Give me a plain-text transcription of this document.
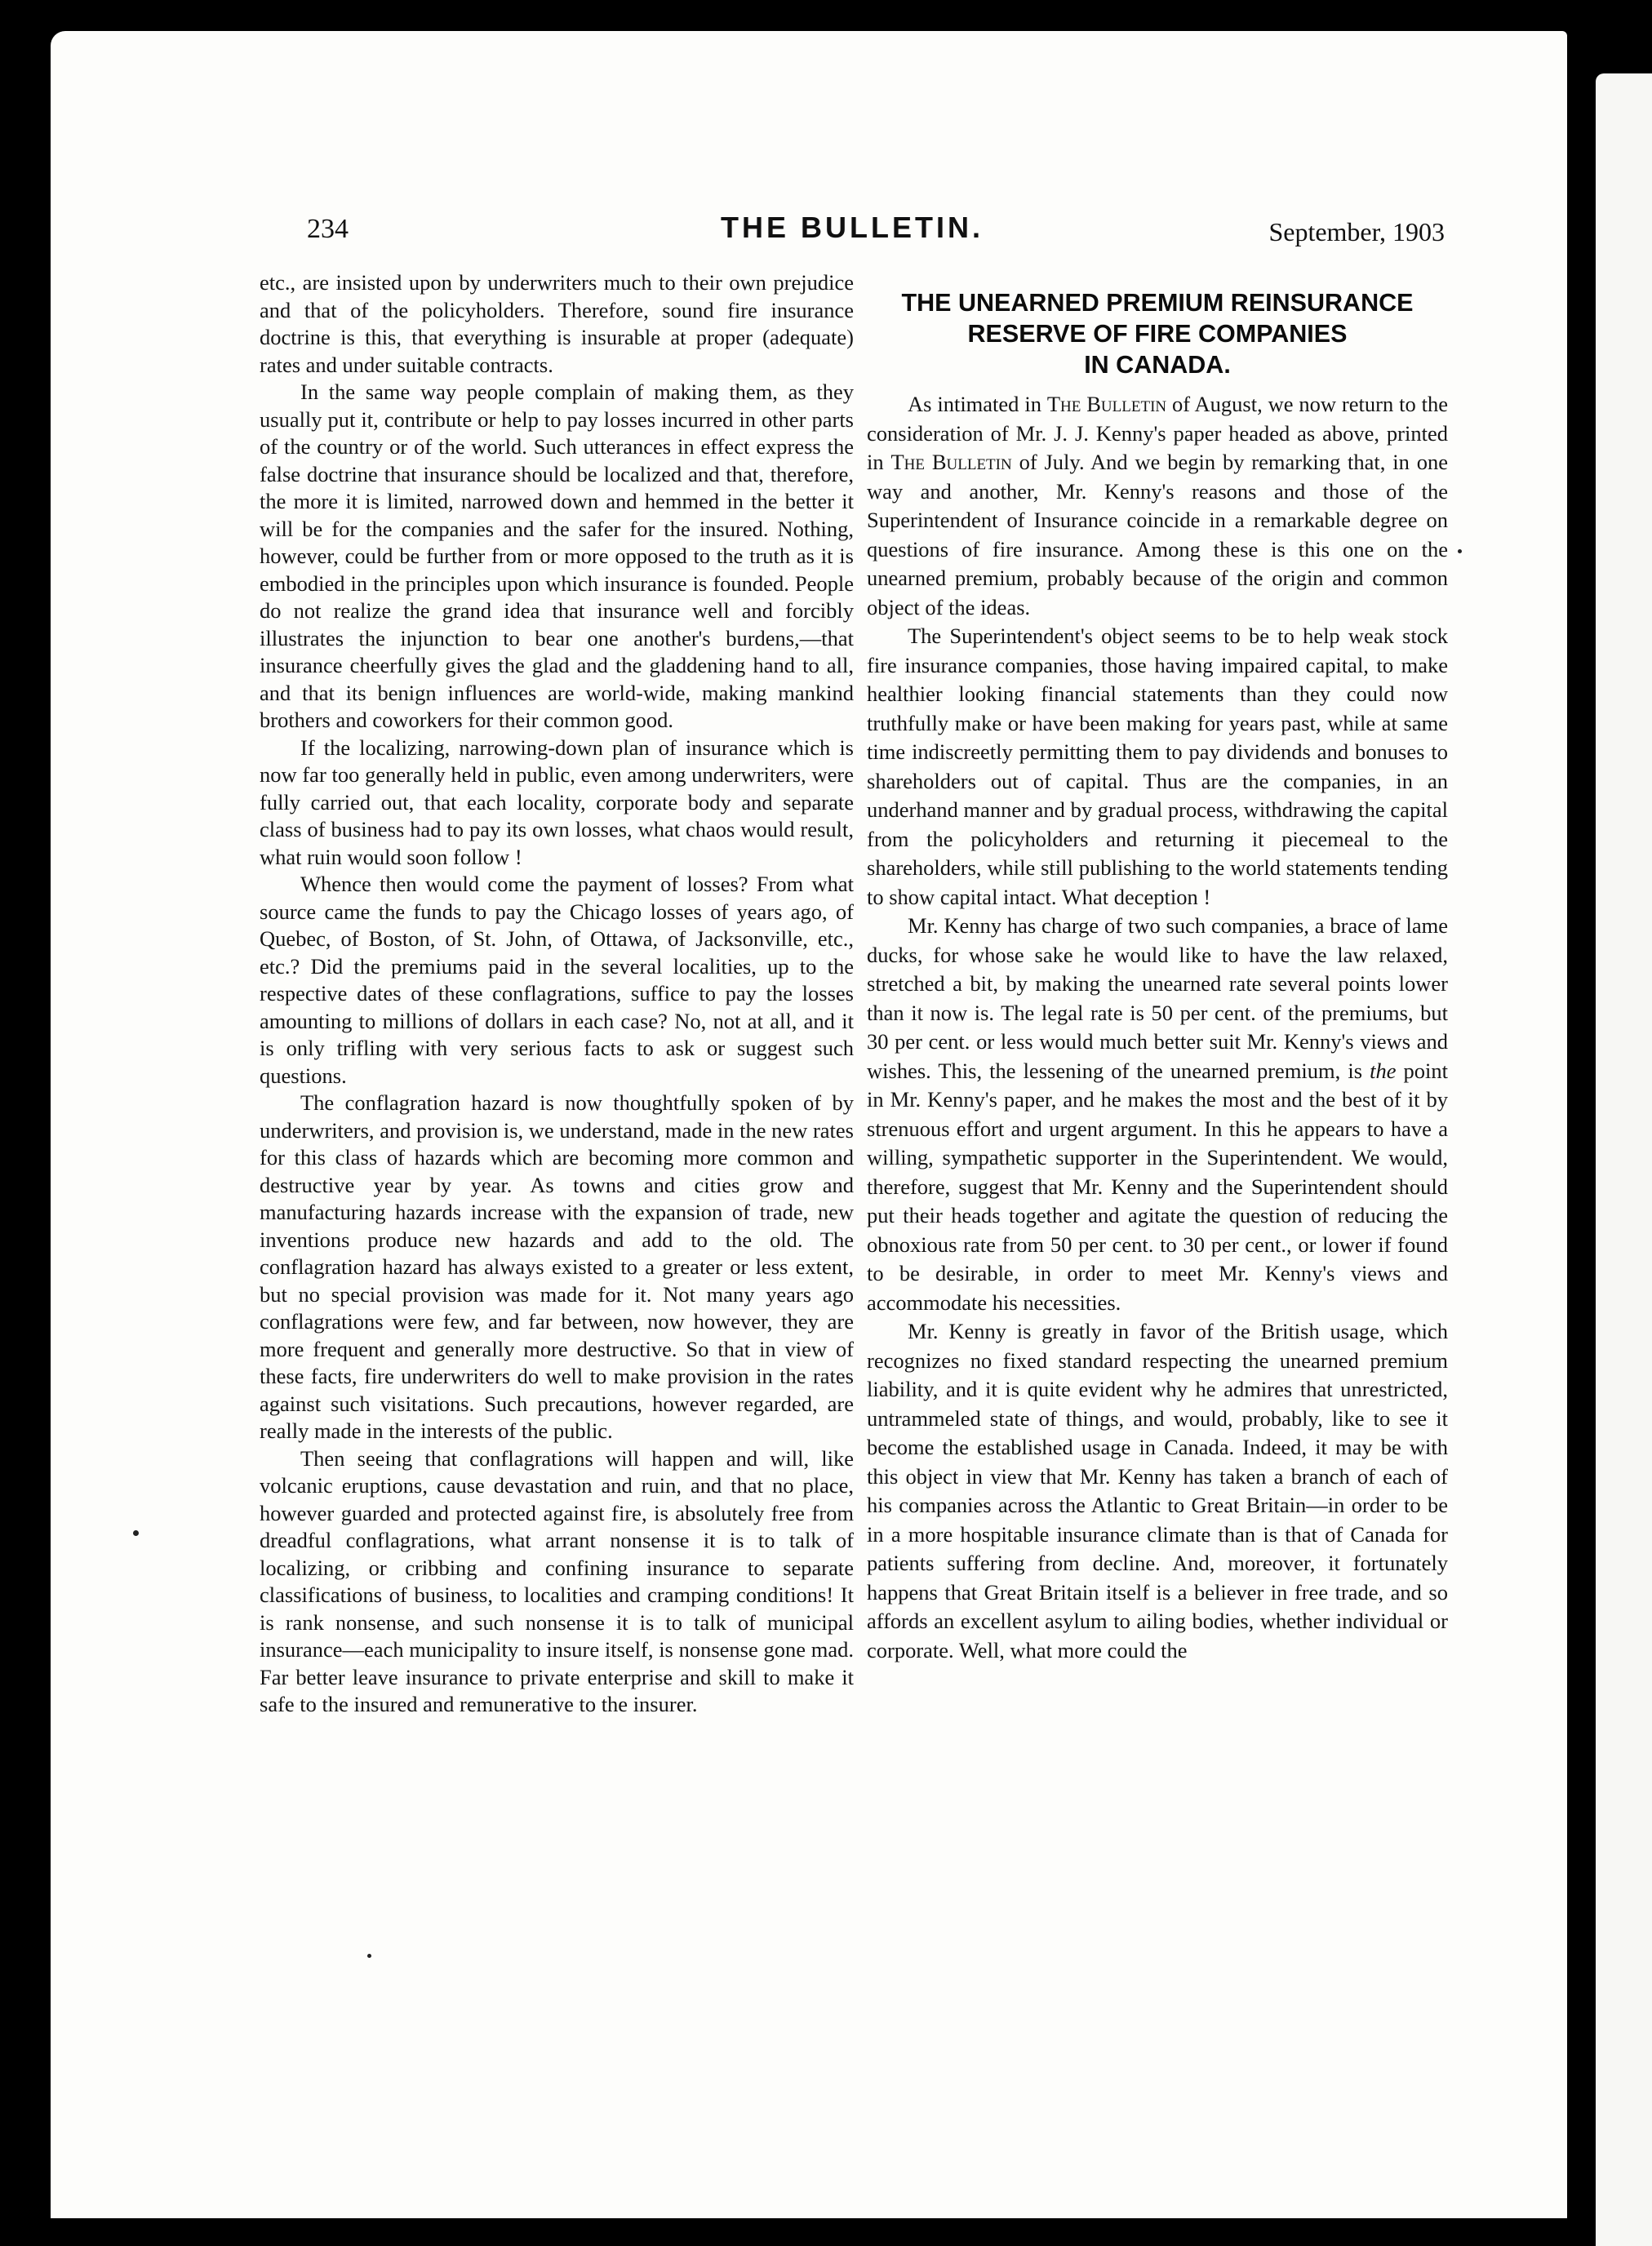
234	THE BULLETIN.	September, 1903

etc., are insisted upon by underwriters much to their own prejudice and that of the policyholders. Therefore, sound fire insurance doctrine is this, that everything is insurable at proper (adequate) rates and under suitable contracts.

In the same way people complain of making them, as they usually put it, contribute or help to pay losses incurred in other parts of the country or of the world. Such utterances in effect express the false doctrine that insurance should be localized and that, therefore, the more it is limited, narrowed down and hemmed in the better it will be for the companies and the safer for the insured. Nothing, however, could be further from or more opposed to the truth as it is embodied in the principles upon which insurance is founded. People do not realize the grand idea that insurance well and forcibly illustrates the injunction to bear one another's burdens,—that insurance cheerfully gives the glad and the gladdening hand to all, and that its benign influences are world-wide, making mankind brothers and coworkers for their common good.

If the localizing, narrowing-down plan of insurance which is now far too generally held in public, even among underwriters, were fully carried out, that each locality, corporate body and separate class of business had to pay its own losses, what chaos would result, what ruin would soon follow !

Whence then would come the payment of losses? From what source came the funds to pay the Chicago losses of years ago, of Quebec, of Boston, of St. John, of Ottawa, of Jacksonville, etc., etc.? Did the premiums paid in the several localities, up to the respective dates of these conflagrations, suffice to pay the losses amounting to millions of dollars in each case? No, not at all, and it is only trifling with very serious facts to ask or suggest such questions.

The conflagration hazard is now thoughtfully spoken of by underwriters, and provision is, we understand, made in the new rates for this class of hazards which are becoming more common and destructive year by year. As towns and cities grow and manufacturing hazards increase with the expansion of trade, new inventions produce new hazards and add to the old. The conflagration hazard has always existed to a greater or less extent, but no special provision was made for it. Not many years ago conflagrations were few, and far between, now however, they are more frequent and generally more destructive. So that in view of these facts, fire underwriters do well to make provision in the rates against such visitations. Such precautions, however regarded, are really made in the interests of the public.

Then seeing that conflagrations will happen and will, like volcanic eruptions, cause devastation and ruin, and that no place, however guarded and protected against fire, is absolutely free from dreadful conflagrations, what arrant nonsense it is to talk of localizing, or cribbing and confining insurance to separate classifications of business, to localities and cramping conditions! It is rank nonsense, and such nonsense it is to talk of municipal insurance—each municipality to insure itself, is nonsense gone mad. Far better leave insurance to private enterprise and skill to make it safe to the insured and remunerative to the insurer.

THE UNEARNED PREMIUM REINSURANCE
RESERVE OF FIRE COMPANIES
IN CANADA.

As intimated in The Bulletin of August, we now return to the consideration of Mr. J. J. Kenny's paper headed as above, printed in The Bulletin of July. And we begin by remarking that, in one way and another, Mr. Kenny's reasons and those of the Superintendent of Insurance coincide in a remarkable degree on questions of fire insurance. Among these is this one on the unearned premium, probably because of the origin and common object of the ideas.

The Superintendent's object seems to be to help weak stock fire insurance companies, those having impaired capital, to make healthier looking financial statements than they could now truthfully make or have been making for years past, while at same time indiscreetly permitting them to pay dividends and bonuses to shareholders out of capital. Thus are the companies, in an underhand manner and by gradual process, withdrawing the capital from the policyholders and returning it piecemeal to the shareholders, while still publishing to the world statements tending to show capital intact. What deception !

Mr. Kenny has charge of two such companies, a brace of lame ducks, for whose sake he would like to have the law relaxed, stretched a bit, by making the unearned rate several points lower than it now is. The legal rate is 50 per cent. of the premiums, but 30 per cent. or less would much better suit Mr. Kenny's views and wishes. This, the lessening of the unearned premium, is the point in Mr. Kenny's paper, and he makes the most and the best of it by strenuous effort and urgent argument. In this he appears to have a willing, sympathetic supporter in the Superintendent. We would, therefore, suggest that Mr. Kenny and the Superintendent should put their heads together and agitate the question of reducing the obnoxious rate from 50 per cent. to 30 per cent., or lower if found to be desirable, in order to meet Mr. Kenny's views and accommodate his necessities.

Mr. Kenny is greatly in favor of the British usage, which recognizes no fixed standard respecting the unearned premium liability, and it is quite evident why he admires that unrestricted, untrammeled state of things, and would, probably, like to see it become the established usage in Canada. Indeed, it may be with this object in view that Mr. Kenny has taken a branch of each of his companies across the Atlantic to Great Britain—in order to be in a more hospitable insurance climate than is that of Canada for patients suffering from decline. And, moreover, it fortunately happens that Great Britain itself is a believer in free trade, and so affords an excellent asylum to ailing bodies, whether individual or corporate. Well, what more could the
